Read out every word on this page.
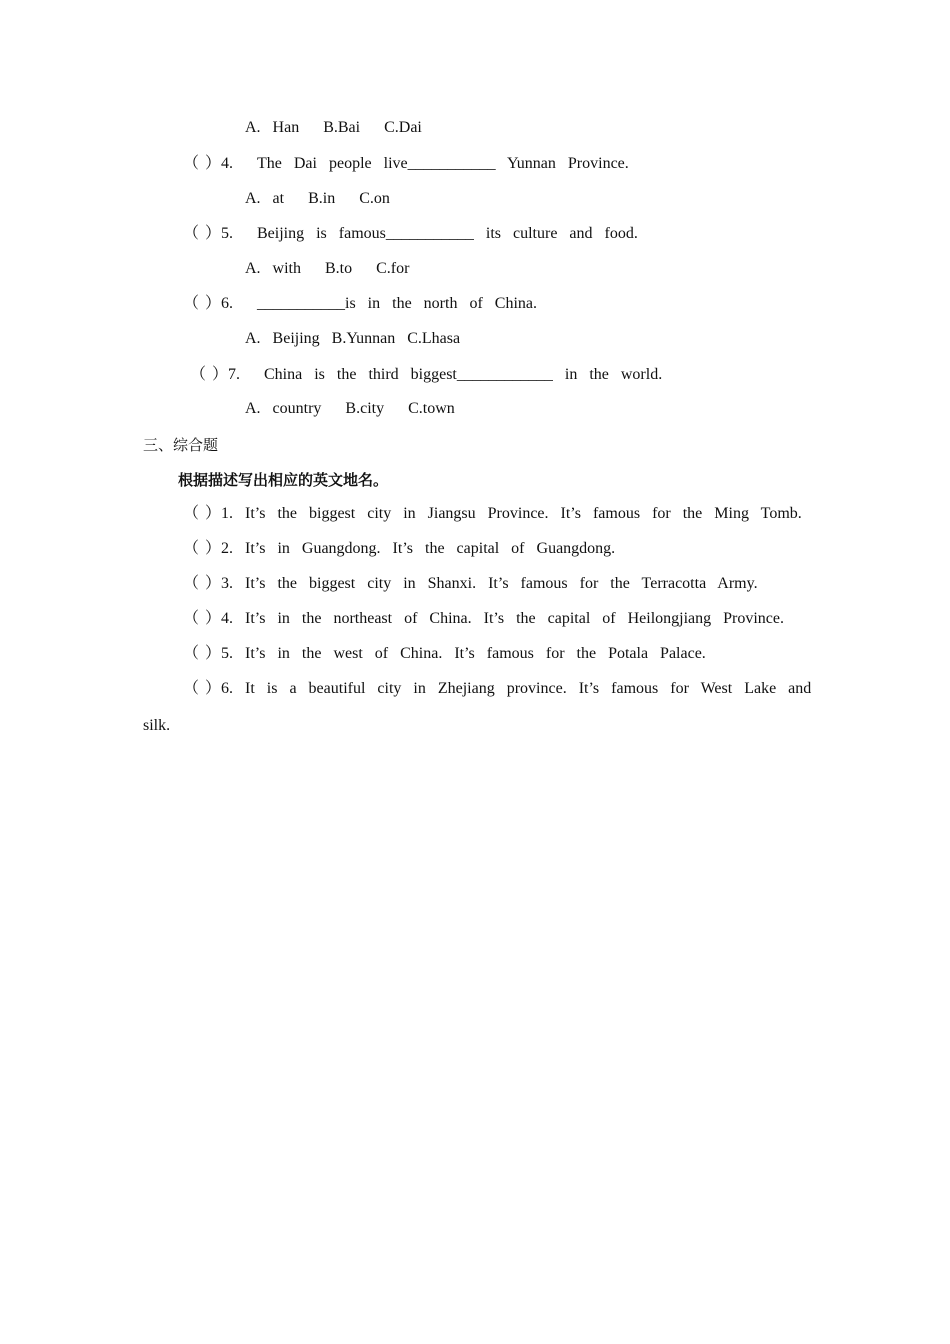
A.  Han    B.Bai    C.Dai
（ ）4.    The  Dai  people  live___________  Yunnan  Province.
A.  at    B.in    C.on
（ ）5.    Beijing  is  famous___________  its  culture  and  food.
A.  with    B.to    C.for
（ ）6.    ___________is  in  the  north  of  China.
A.  Beijing  B.Yunnan  C.Lhasa
（ ）7.    China  is  the  third  biggest____________  in  the  world.
A.  country    B.city    C.town
三、综合题
根据描述写出相应的英文地名。
（ ）1.  It’s  the  biggest  city  in  Jiangsu  Province.  It’s  famous  for  the  Ming  Tomb.
（ ）2.  It’s  in  Guangdong.  It’s  the  capital  of  Guangdong.
（ ）3.  It’s  the  biggest  city  in  Shanxi.  It’s  famous  for  the  Terracotta  Army.
（ ）4.  It’s  in  the  northeast  of  China.  It’s  the  capital  of  Heilongjiang  Province.
（ ）5.  It’s  in  the  west  of  China.  It’s  famous  for  the  Potala  Palace.
（ ）6.  It  is  a  beautiful  city  in  Zhejiang  province.  It’s  famous  for  West  Lake  and
silk.
